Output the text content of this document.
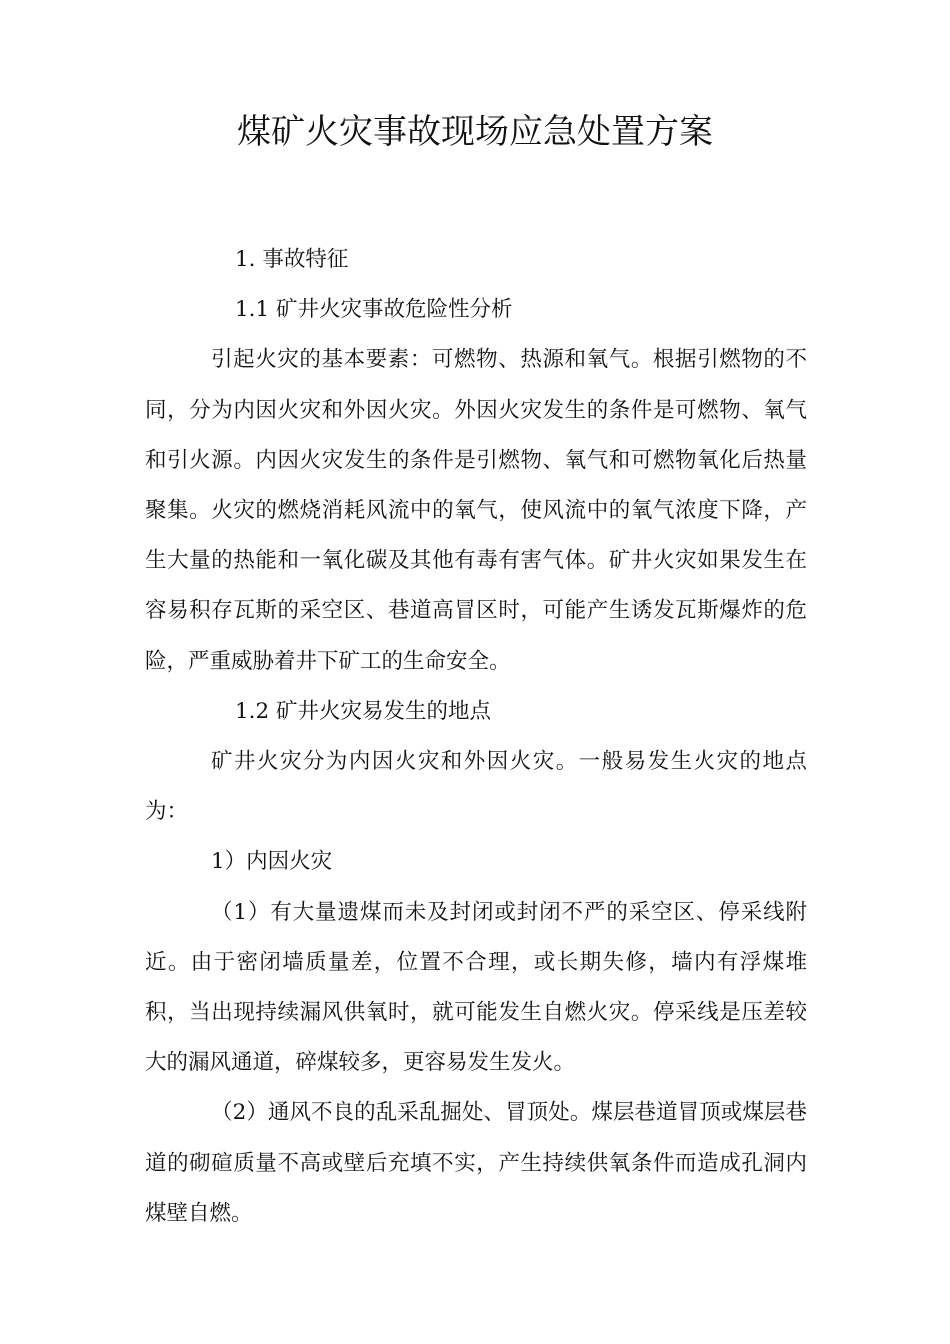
煤矿火灾事故现场应急处置方案

1. 事故特征

1.1 矿井火灾事故危险性分析

引起火灾的基本要素：可燃物、热源和氧气。根据引燃物的不同，分为内因火灾和外因火灾。外因火灾发生的条件是可燃物、氧气和引火源。内因火灾发生的条件是引燃物、氧气和可燃物氧化后热量聚集。火灾的燃烧消耗风流中的氧气，使风流中的氧气浓度下降，产生大量的热能和一氧化碳及其他有毒有害气体。矿井火灾如果发生在容易积存瓦斯的采空区、巷道高冒区时，可能产生诱发瓦斯爆炸的危险，严重威胁着井下矿工的生命安全。

1.2 矿井火灾易发生的地点

矿井火灾分为内因火灾和外因火灾。一般易发生火灾的地点为：

1）内因火灾

（1）有大量遗煤而未及封闭或封闭不严的采空区、停采线附近。由于密闭墙质量差，位置不合理，或长期失修，墙内有浮煤堆积，当出现持续漏风供氧时，就可能发生自燃火灾。停采线是压差较大的漏风通道，碎煤较多，更容易发生发火。

（2）通风不良的乱采乱掘处、冒顶处。煤层巷道冒顶或煤层巷道的砌碹质量不高或壁后充填不实，产生持续供氧条件而造成孔洞内煤壁自燃。
